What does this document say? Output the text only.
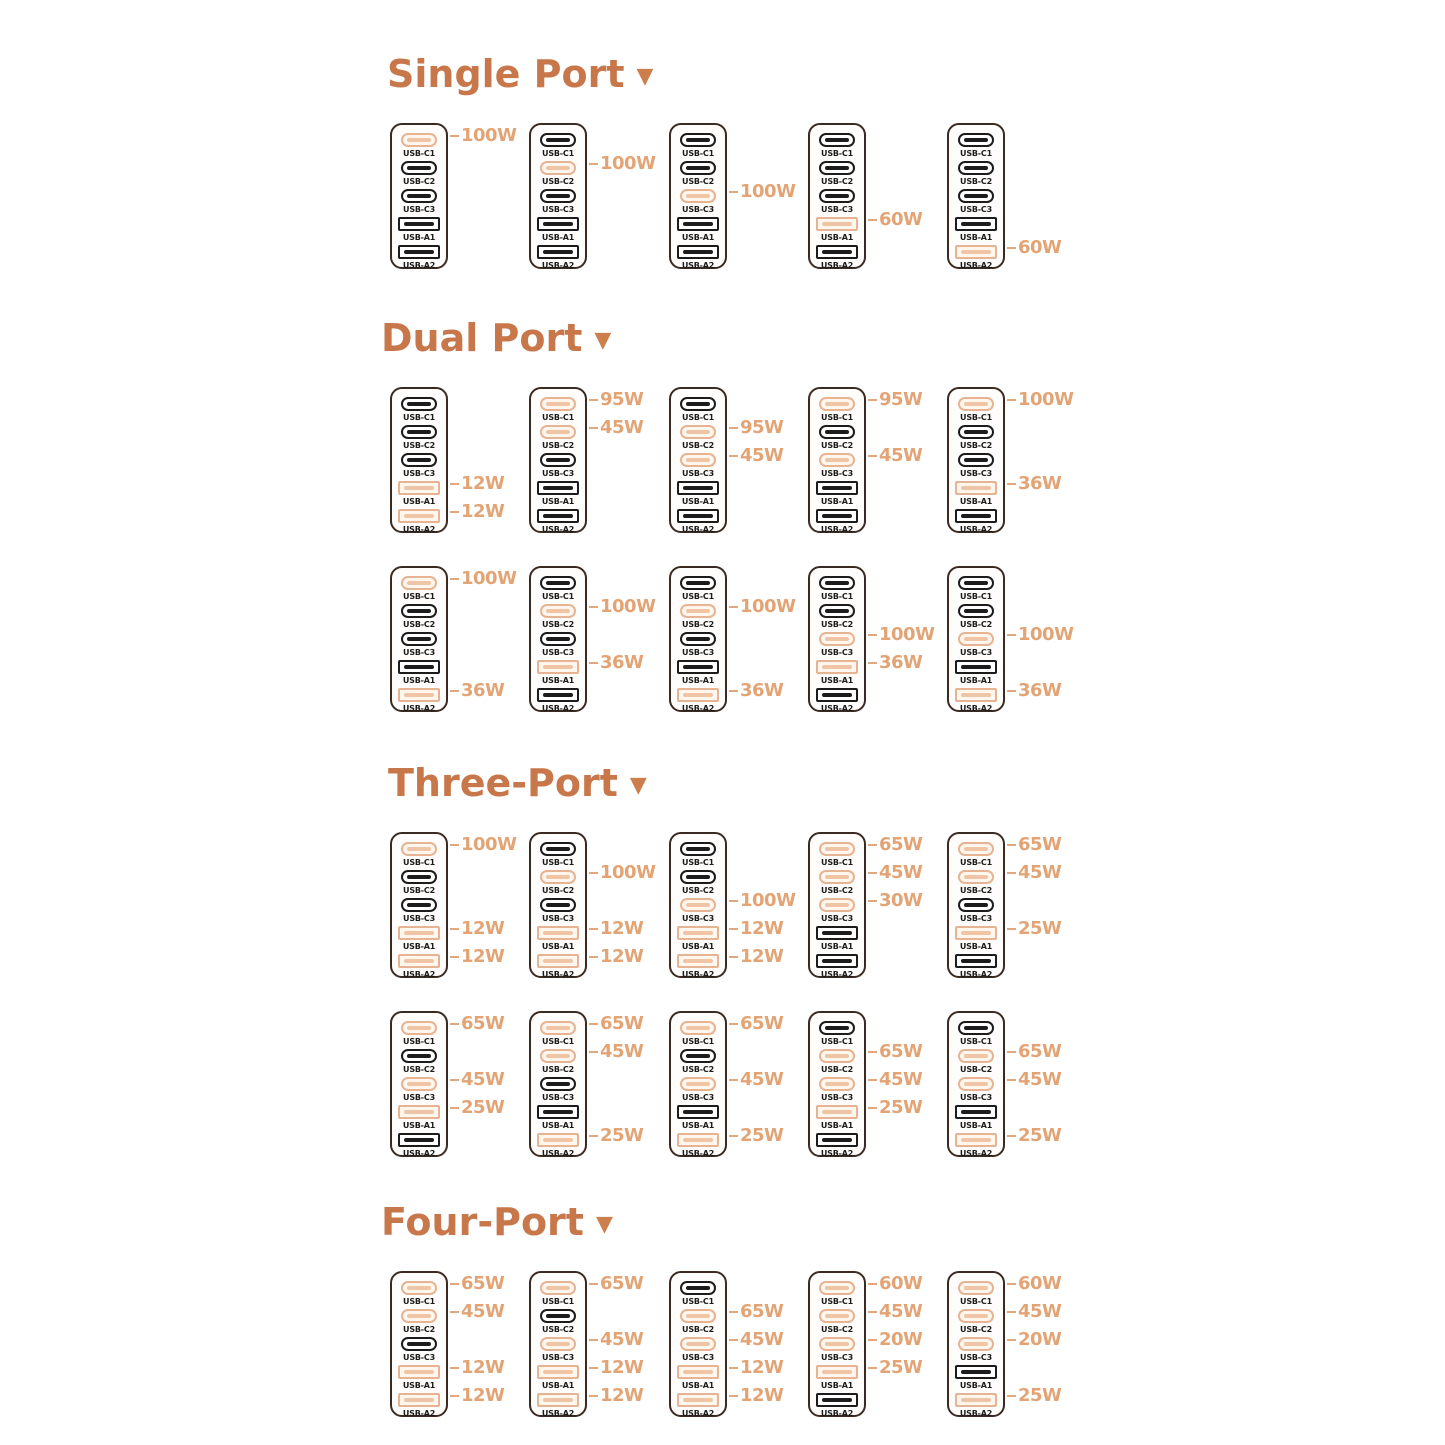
Single Port ▼
USB-C1
USB-C2
USB-C3
USB-A1
USB-A2
100W
USB-C1
USB-C2
USB-C3
USB-A1
USB-A2
100W	USB-C1
USB-C2
USB-C3
USB-A1
USB-A2
100W
USB-C1
USB-C2
USB-C3
USB-A1
USB-A2
60W
USB-C1
USB-C2
USB-C3
USB-A1
USB-A2
60W
Dual Port ▼
USB-C1
USB-C2
USB-C3
USB-A1
USB-A2
12W
12W
USB-C1
USB-C2
USB-C3
USB-A1
USB-A2
95W
45W	USB-C1
USB-C2
USB-C3
USB-A1
USB-A2
95W
45W
USB-C1
USB-C2
USB-C3
USB-A1
USB-A2
95W
45W
USB-C1
USB-C2
USB-C3
USB-A1
USB-A2
100W
36W
USB-C1
USB-C2
USB-C3
USB-A1
USB-A2
100W
36W
USB-C1
USB-C2
USB-C3
USB-A1
USB-A2
100W
36W
USB-C1
USB-C2
USB-C3
USB-A1
USB-A2
100W
36W
USB-C1
USB-C2
USB-C3
USB-A1
USB-A2
100W
36W
USB-C1
USB-C2
USB-C3
USB-A1
USB-A2
100W
36W
Three-Port ▼
USB-C1
USB-C2
USB-C3
USB-A1
USB-A2
100W
12W
12W
USB-C1
USB-C2
USB-C3
USB-A1
USB-A2
100W
12W
12W
USB-C1
USB-C2
USB-C3
USB-A1
USB-A2
100W
12W
12W
USB-C1
USB-C2
USB-C3
USB-A1
USB-A2
65W
45W
30W
USB-C1
USB-C2
USB-C3
USB-A1
USB-A2
65W
45W
25W
USB-C1
USB-C2
USB-C3
USB-A1
USB-A2
65W
45W
25W
USB-C1
USB-C2
USB-C3
USB-A1
USB-A2
65W
45W
25W
USB-C1
USB-C2
USB-C3
USB-A1
USB-A2
65W
45W
25W
USB-C1
USB-C2
USB-C3
USB-A1
USB-A2
65W
45W
25W
USB-C1
USB-C2
USB-C3
USB-A1
USB-A2
65W
45W
25W
Four-Port ▼
USB-C1
USB-C2
USB-C3
USB-A1
USB-A2
65W
45W
12W
12W
USB-C1
USB-C2
USB-C3
USB-A1
USB-A2
65W
45W
12W
12W
USB-C1
USB-C2
USB-C3
USB-A1
USB-A2
65W
45W
12W
12W
USB-C1
USB-C2
USB-C3
USB-A1
USB-A2
60W
45W
20W
25W
USB-C1
USB-C2
USB-C3
USB-A1
USB-A2
60W
45W
20W
25W
